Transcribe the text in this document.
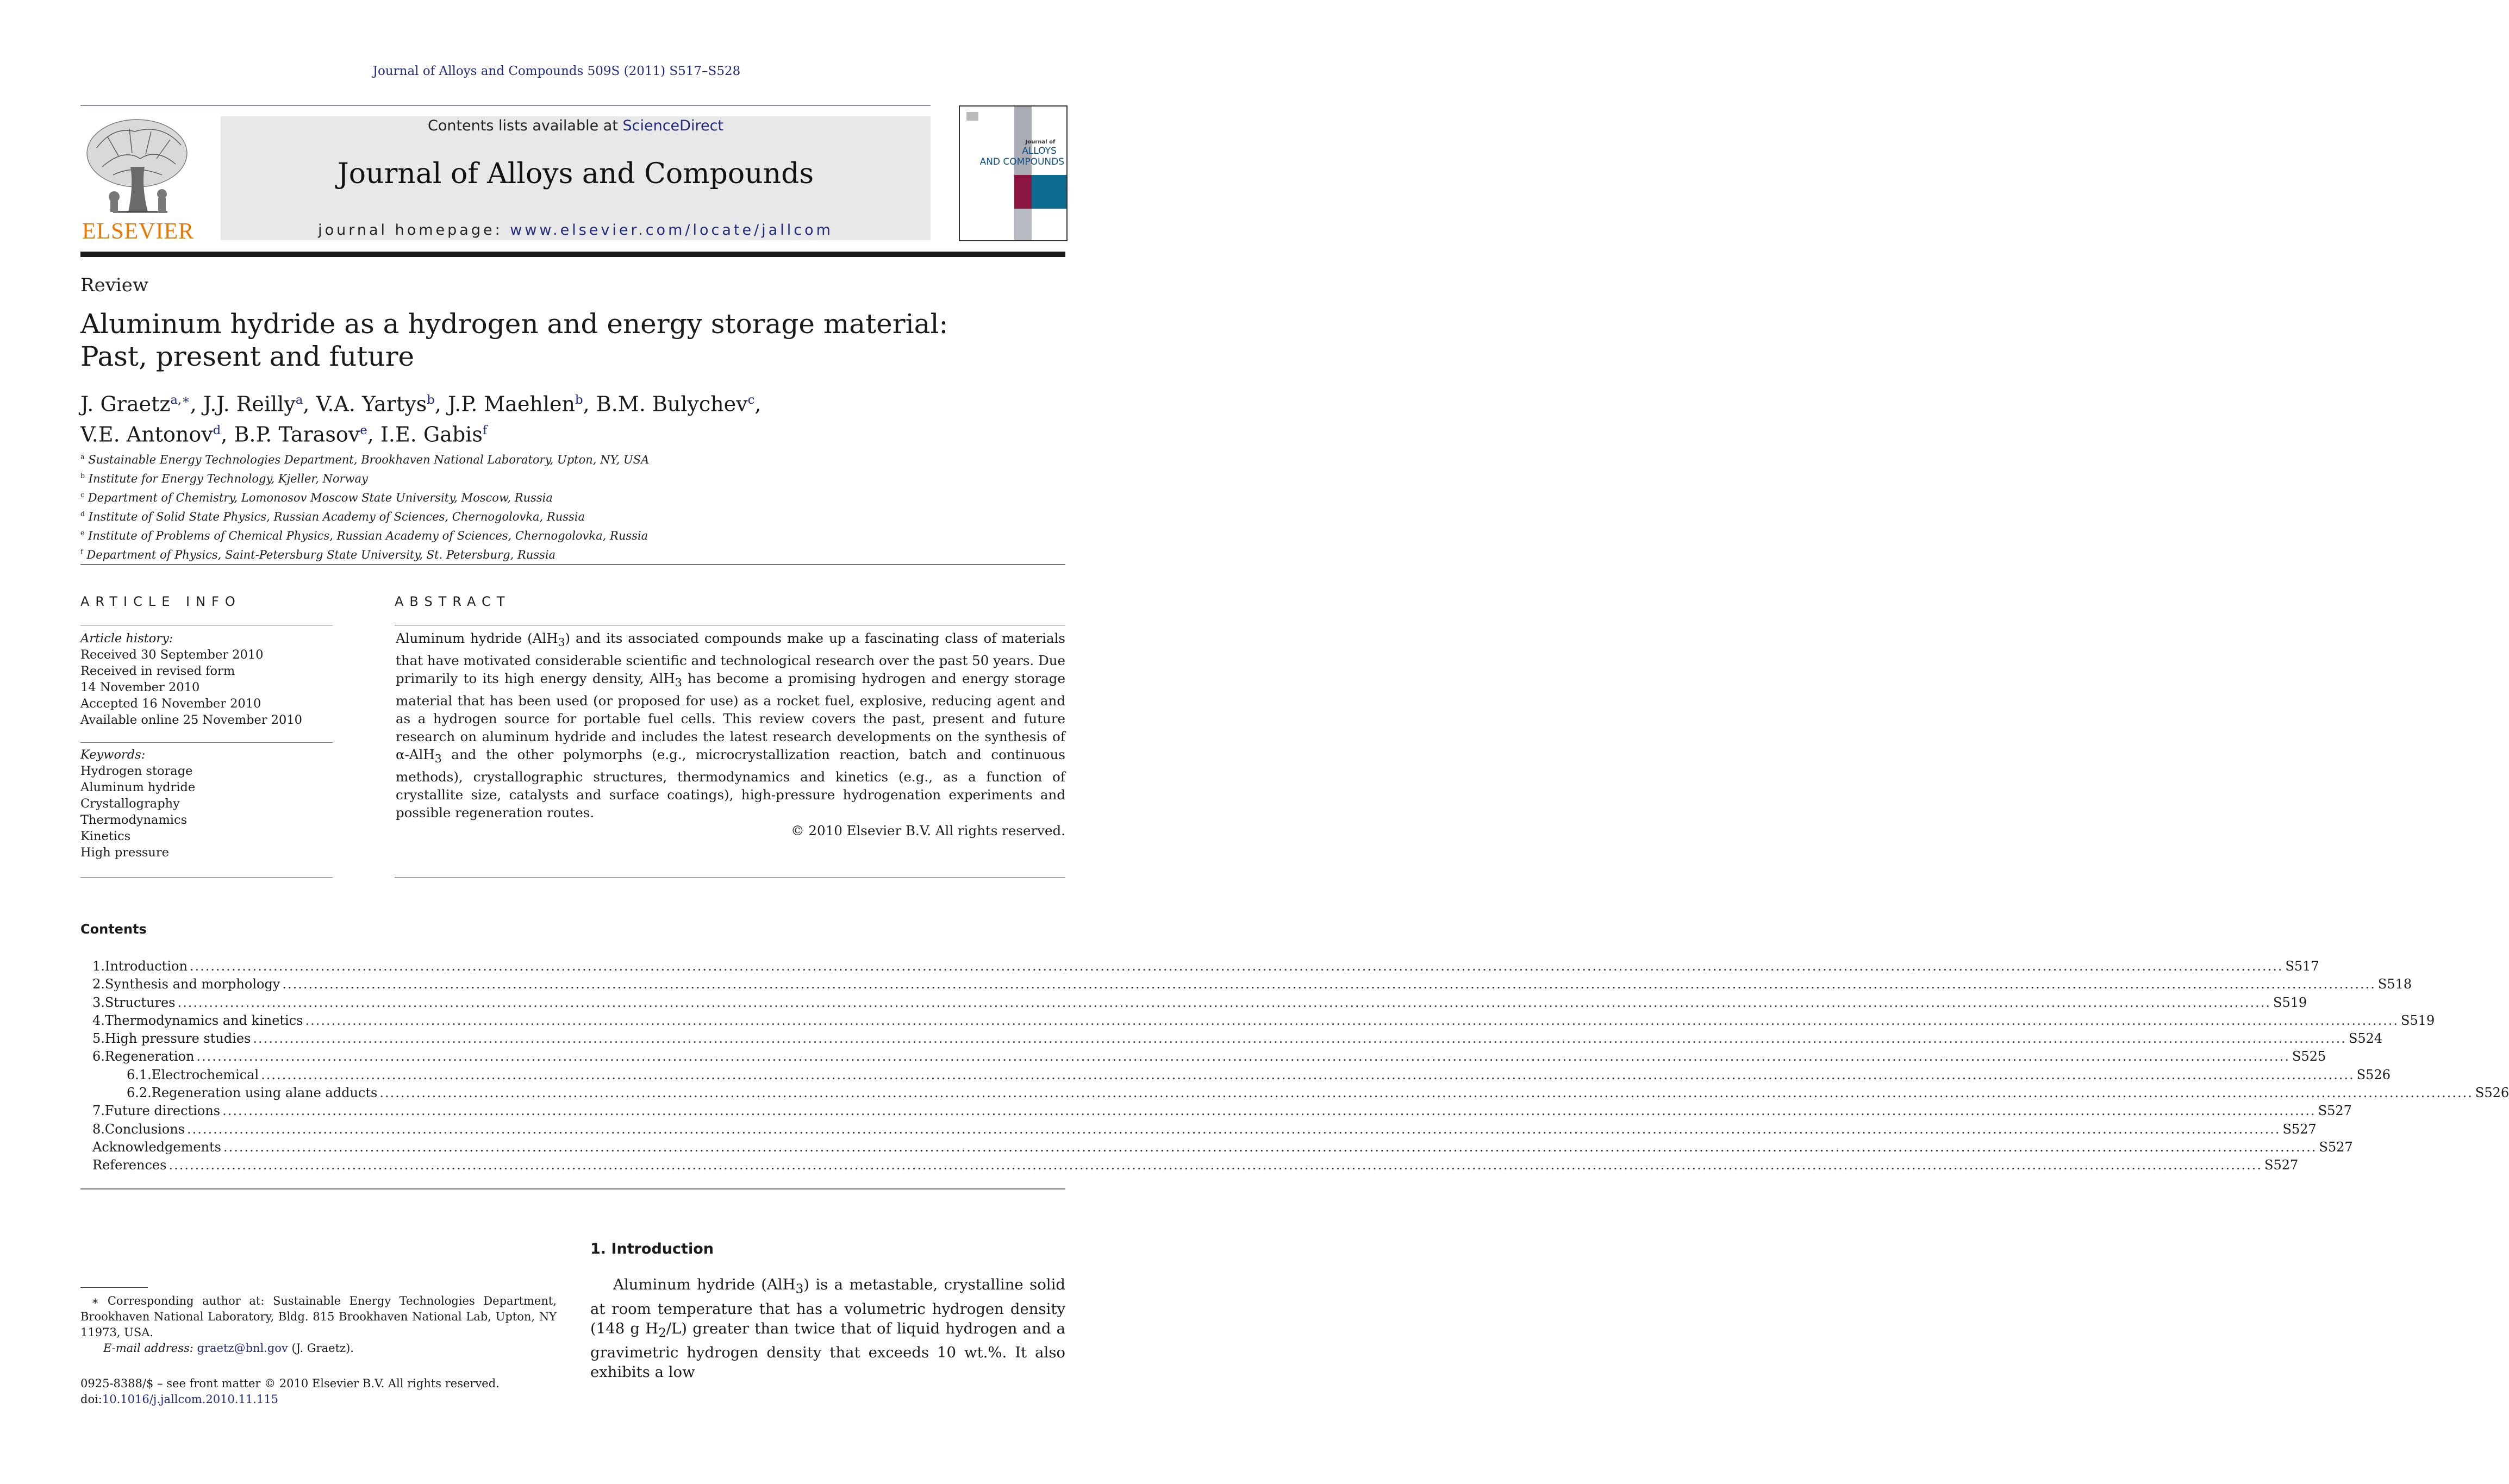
Journal of Alloys and Compounds 509S (2011) S517–S528
ELSEVIER
Contents lists available at ScienceDirect
Journal of Alloys and Compounds
journal homepage: www.elsevier.com/locate/jallcom
Journal of
ALLOYS
AND COMPOUNDS
Review
Aluminum hydride as a hydrogen and energy storage material:
Past, present and future
J. Graetz$^{a,∗}$, J.J. Reilly$^a$, V.A. Yartys$^b$, J.P. Maehlen$^b$, B.M. Bulychev$^c$,
V.E. Antonov$^d$, B.P. Tarasov$^e$, I.E. Gabis$^f$
$^a$ Sustainable Energy Technologies Department, Brookhaven National Laboratory, Upton, NY, USA
$^b$ Institute for Energy Technology, Kjeller, Norway
$^c$ Department of Chemistry, Lomonosov Moscow State University, Moscow, Russia
$^d$ Institute of Solid State Physics, Russian Academy of Sciences, Chernogolovka, Russia
$^e$ Institute of Problems of Chemical Physics, Russian Academy of Sciences, Chernogolovka, Russia
$^f$ Department of Physics, Saint-Petersburg State University, St. Petersburg, Russia
ARTICLE INFO	ABSTRACT
Article history:
Received 30 September 2010
Received in revised form
14 November 2010
Accepted 16 November 2010
Available online 25 November 2010
Keywords:
Hydrogen storage
Aluminum hydride
Crystallography
Thermodynamics
Kinetics
High pressure
Aluminum hydride (AlH$_3$) and its associated compounds make up a fascinating class of materials that have motivated considerable scientific and technological research over the past 50 years. Due primarily to its high energy density, AlH$_3$ has become a promising hydrogen and energy storage material that has been used (or proposed for use) as a rocket fuel, explosive, reducing agent and as a hydrogen source for portable fuel cells. This review covers the past, present and future research on aluminum hydride and includes the latest research developments on the synthesis of α-AlH$_3$ and the other polymorphs (e.g., microcrystallization reaction, batch and continuous methods), crystallographic structures, thermodynamics and kinetics (e.g., as a function of crystallite size, catalysts and surface coatings), high-pressure hydrogenation experiments and possible regeneration routes.
© 2010 Elsevier B.V. All rights reserved.
Contents
1. Introduction ................................................................................................................................................................................................................................................................................................................................................................................................................ S517
2. Synthesis and morphology ................................................................................................................................................................................................................................................................................................................................................................................................................ S518
3. Structures ................................................................................................................................................................................................................................................................................................................................................................................................................ S519
4. Thermodynamics and kinetics ................................................................................................................................................................................................................................................................................................................................................................................................................ S519
5. High pressure studies ................................................................................................................................................................................................................................................................................................................................................................................................................ S524
6. Regeneration ................................................................................................................................................................................................................................................................................................................................................................................................................ S525
6.1. Electrochemical ................................................................................................................................................................................................................................................................................................................................................................................................................ S526
6.2. Regeneration using alane adducts ................................................................................................................................................................................................................................................................................................................................................................................................................ S526
7. Future directions ................................................................................................................................................................................................................................................................................................................................................................................................................ S527
8. Conclusions ................................................................................................................................................................................................................................................................................................................................................................................................................ S527
Acknowledgements ................................................................................................................................................................................................................................................................................................................................................................................................................ S527
References ................................................................................................................................................................................................................................................................................................................................................................................................................ S527
1. Introduction
Aluminum hydride (AlH$_3$) is a metastable, crystalline solid at room temperature that has a volumetric hydrogen density (148 g $H_2/L$) greater than twice that of liquid hydrogen and a gravimetric hydrogen density that exceeds 10 wt.%. It also exhibits a low
∗ Corresponding author at: Sustainable Energy Technologies Department, Brookhaven National Laboratory, Bldg. 815 Brookhaven National Lab, Upton, NY 11973, USA.
E-mail address: graetz@bnl.gov (J. Graetz).
0925-8388/$ – see front matter © 2010 Elsevier B.V. All rights reserved.
doi:10.1016/j.jallcom.2010.11.115
